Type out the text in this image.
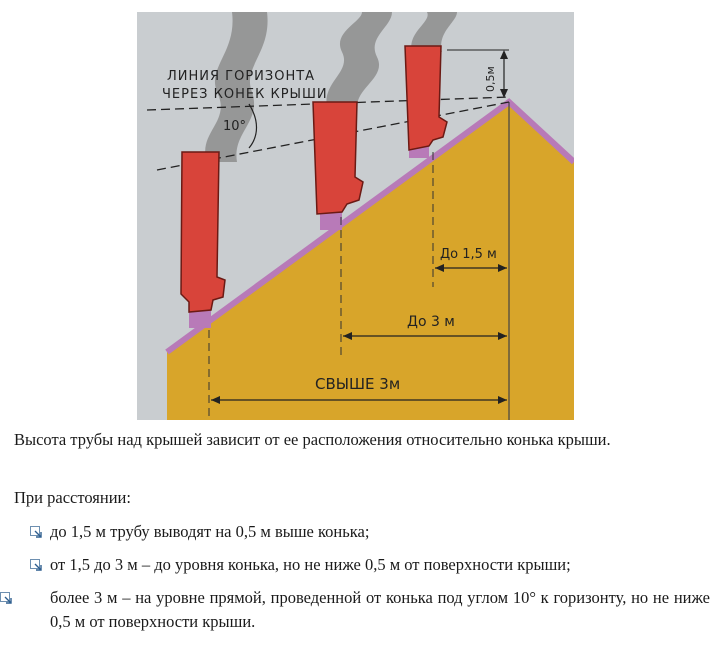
0,5м
ЛИНИЯ ГОРИЗОНТА
ЧЕРЕЗ КОНЕК КРЫШИ
10°
До 1,5 м
До 3 м
СВЫШЕ 3м
Высота трубы над крышей зависит от ее расположения относительно конька крыши.
При расстоянии:
до 1,5 м трубу выводят на 0,5 м выше конька;
от 1,5 до 3 м – до уровня конька, но не ниже 0,5 м от поверхности крыши;
более 3 м – на уровне прямой, проведенной от конька под углом 10° к горизонту, но не ниже 0,5 м от поверхности крыши.
